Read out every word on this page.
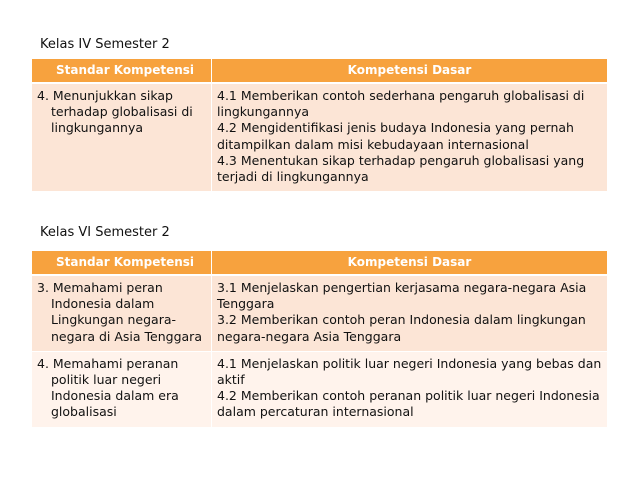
Kelas IV Semester 2
Standar Kompetensi	Kompetensi Dasar

4. Menunjukkan sikap terhadap globalisasi di lingkungannya	4.1 Memberikan contoh sederhana pengaruh globalisasi di lingkungannya
4.2 Mengidentifikasi jenis budaya Indonesia yang pernah ditampilkan dalam misi kebudayaan internasional
4.3 Menentukan sikap terhadap pengaruh globalisasi yang terjadi di lingkungannya
Kelas VI Semester 2
Standar Kompetensi	Kompetensi Dasar

3. Memahami peran Indonesia dalam Lingkungan negara-negara di Asia Tenggara	3.1 Menjelaskan pengertian kerjasama negara-negara Asia Tenggara
3.2 Memberikan contoh peran Indonesia dalam lingkungan negara-negara Asia Tenggara

4. Memahami peranan politik luar negeri Indonesia dalam era globalisasi	4.1 Menjelaskan politik luar negeri Indonesia yang bebas dan aktif
4.2 Memberikan contoh peranan politik luar negeri Indonesia dalam percaturan internasional
